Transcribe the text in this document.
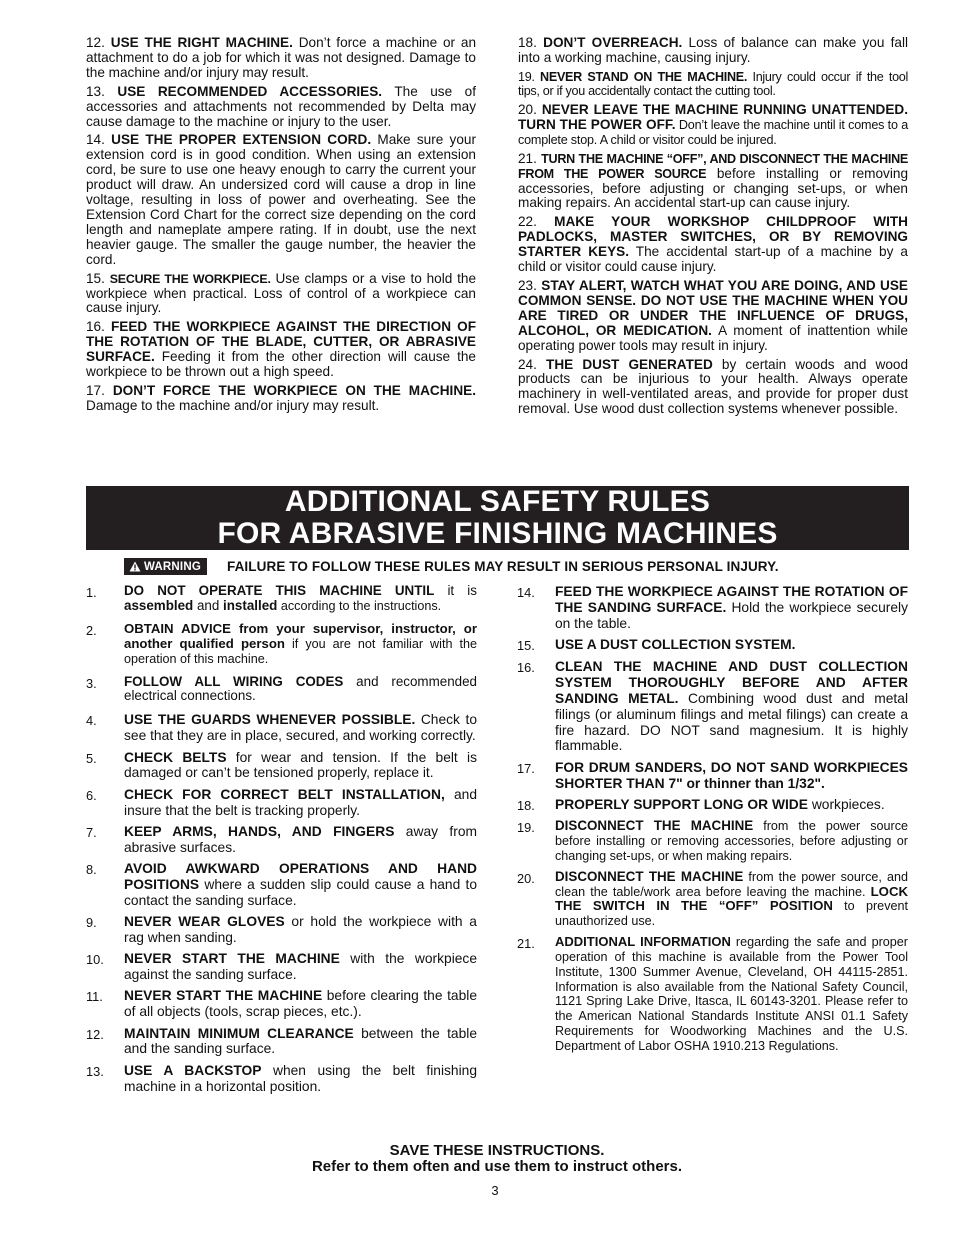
12. USE THE RIGHT MACHINE. Don’t force a machine or an attachment to do a job for which it was not designed. Damage to the machine and/or injury may result.

13. USE RECOMMENDED ACCESSORIES. The use of accessories and attachments not recommended by Delta may cause damage to the machine or injury to the user.

14. USE THE PROPER EXTENSION CORD. Make sure your extension cord is in good condition. When using an extension cord, be sure to use one heavy enough to carry the current your product will draw. An undersized cord will cause a drop in line voltage, resulting in loss of power and overheating. See the Extension Cord Chart for the correct size depending on the cord length and nameplate ampere rating. If in doubt, use the next heavier gauge. The smaller the gauge number, the heavier the cord.

15. SECURE THE WORKPIECE. Use clamps or a vise to hold the workpiece when practical. Loss of control of a workpiece can cause injury.

16. FEED THE WORKPIECE AGAINST THE DIRECTION OF THE ROTATION OF THE BLADE, CUTTER, OR ABRASIVE SURFACE. Feeding it from the other direction will cause the workpiece to be thrown out a high speed.

17. DON’T FORCE THE WORKPIECE ON THE MACHINE. Damage to the machine and/or injury may result.

18. DON’T OVERREACH. Loss of balance can make you fall into a working machine, causing injury.

19. NEVER STAND ON THE MACHINE. Injury could occur if the tool tips, or if you accidentally contact the cutting tool.

20. NEVER LEAVE THE MACHINE RUNNING UNATTENDED. TURN THE POWER OFF. Don’t leave the machine until it comes to a complete stop. A child or visitor could be injured.

21. TURN THE MACHINE “OFF”, AND DISCONNECT THE MACHINE FROM THE POWER SOURCE before installing or removing accessories, before adjusting or changing set-ups, or when making repairs. An accidental start-up can cause injury.

22. MAKE YOUR WORKSHOP CHILDPROOF WITH PADLOCKS, MASTER SWITCHES, OR BY REMOVING STARTER KEYS. The accidental start-up of a machine by a child or visitor could cause injury.

23. STAY ALERT, WATCH WHAT YOU ARE DOING, AND USE COMMON SENSE. DO NOT USE THE MACHINE WHEN YOU ARE TIRED OR UNDER THE INFLUENCE OF DRUGS, ALCOHOL, OR MEDICATION. A moment of inattention while operating power tools may result in injury.

24. THE DUST GENERATED by certain woods and wood products can be injurious to your health. Always operate machinery in well-ventilated areas, and provide for proper dust removal. Use wood dust collection systems whenever possible.

ADDITIONAL SAFETY RULES
FOR ABRASIVE FINISHING MACHINES
WARNING FAILURE TO FOLLOW THESE RULES MAY RESULT IN SERIOUS PERSONAL INJURY.
1.	DO NOT OPERATE THIS MACHINE UNTIL it is assembled and installed according to the instructions.
2.	OBTAIN ADVICE from your supervisor, instructor, or another qualified person if you are not familiar with the operation of this machine.
3.	FOLLOW ALL WIRING CODES and recommended electrical connections.
4.	USE THE GUARDS WHENEVER POSSIBLE. Check to see that they are in place, secured, and working correctly.
5.	CHECK BELTS for wear and tension. If the belt is damaged or can’t be tensioned properly, replace it.
6.	CHECK FOR CORRECT BELT INSTALLATION, and insure that the belt is tracking properly.
7.	KEEP ARMS, HANDS, AND FINGERS away from abrasive surfaces.
8.	AVOID AWKWARD OPERATIONS AND HAND POSITIONS where a sudden slip could cause a hand to contact the sanding surface.
9.	NEVER WEAR GLOVES or hold the workpiece with a rag when sanding.
10.	NEVER START THE MACHINE with the workpiece against the sanding surface.
11.	NEVER START THE MACHINE before clearing the table of all objects (tools, scrap pieces, etc.).
12.	MAINTAIN MINIMUM CLEARANCE between the table and the sanding surface.
13.	USE A BACKSTOP when using the belt finishing machine in a horizontal position.
14.	FEED THE WORKPIECE AGAINST THE ROTATION OF THE SANDING SURFACE. Hold the workpiece securely on the table.
15.	USE A DUST COLLECTION SYSTEM.
16.	CLEAN THE MACHINE AND DUST COLLECTION SYSTEM THOROUGHLY BEFORE AND AFTER SANDING METAL. Combining wood dust and metal filings (or aluminum filings and metal filings) can create a fire hazard. DO NOT sand magnesium. It is highly flammable.
17.	FOR DRUM SANDERS, DO NOT SAND WORKPIECES SHORTER THAN 7" or thinner than 1/32".
18.	PROPERLY SUPPORT LONG OR WIDE workpieces.
19.	DISCONNECT THE MACHINE from the power source before installing or removing accessories, before adjusting or changing set-ups, or when making repairs.
20.	DISCONNECT THE MACHINE from the power source, and clean the table/work area before leaving the machine. LOCK THE SWITCH IN THE “OFF” POSITION to prevent unauthorized use.
21.	ADDITIONAL INFORMATION regarding the safe and proper operation of this machine is available from the Power Tool Institute, 1300 Summer Avenue, Cleveland, OH 44115-2851. Information is also available from the National Safety Council, 1121 Spring Lake Drive, Itasca, IL 60143-3201. Please refer to the American National Standards Institute ANSI 01.1 Safety Requirements for Woodworking Machines and the U.S. Department of Labor OSHA 1910.213 Regulations.
SAVE THESE INSTRUCTIONS.
Refer to them often and use them to instruct others.
3
